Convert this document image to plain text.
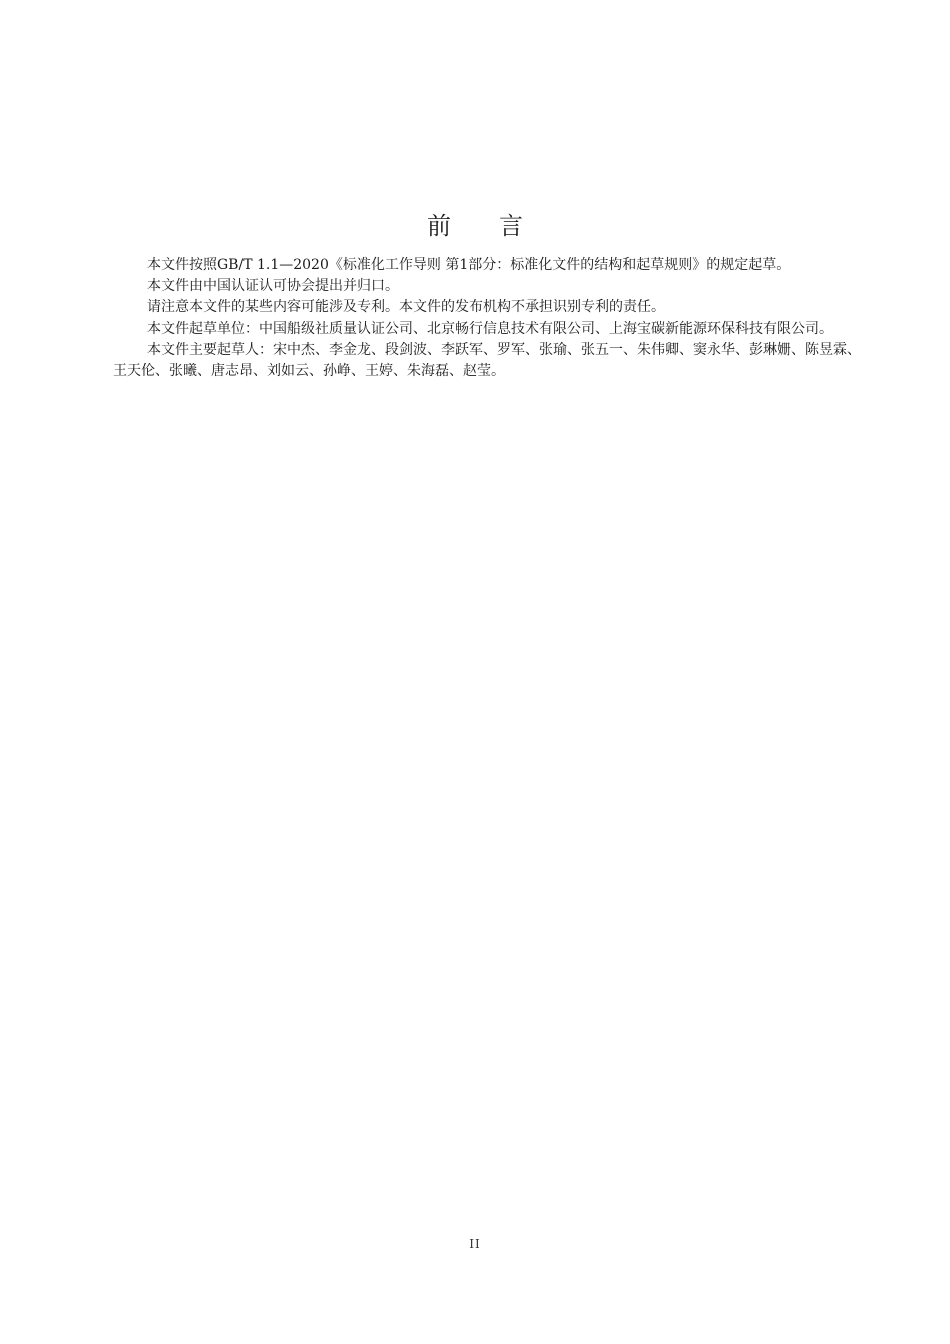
前 言

本文件按照GB/T 1.1—2020《标准化工作导则 第1部分：标准化文件的结构和起草规则》的规定起草。

本文件由中国认证认可协会提出并归口。

请注意本文件的某些内容可能涉及专利。本文件的发布机构不承担识别专利的责任。

本文件起草单位：中国船级社质量认证公司、北京畅行信息技术有限公司、上海宝碳新能源环保科技有限公司。

本文件主要起草人：宋中杰、李金龙、段剑波、李跃军、罗军、张瑜、张五一、朱伟卿、窦永华、彭琳姗、陈昱霖、王天伦、张曦、唐志昂、刘如云、孙峥、王婷、朱海磊、赵莹。

II
